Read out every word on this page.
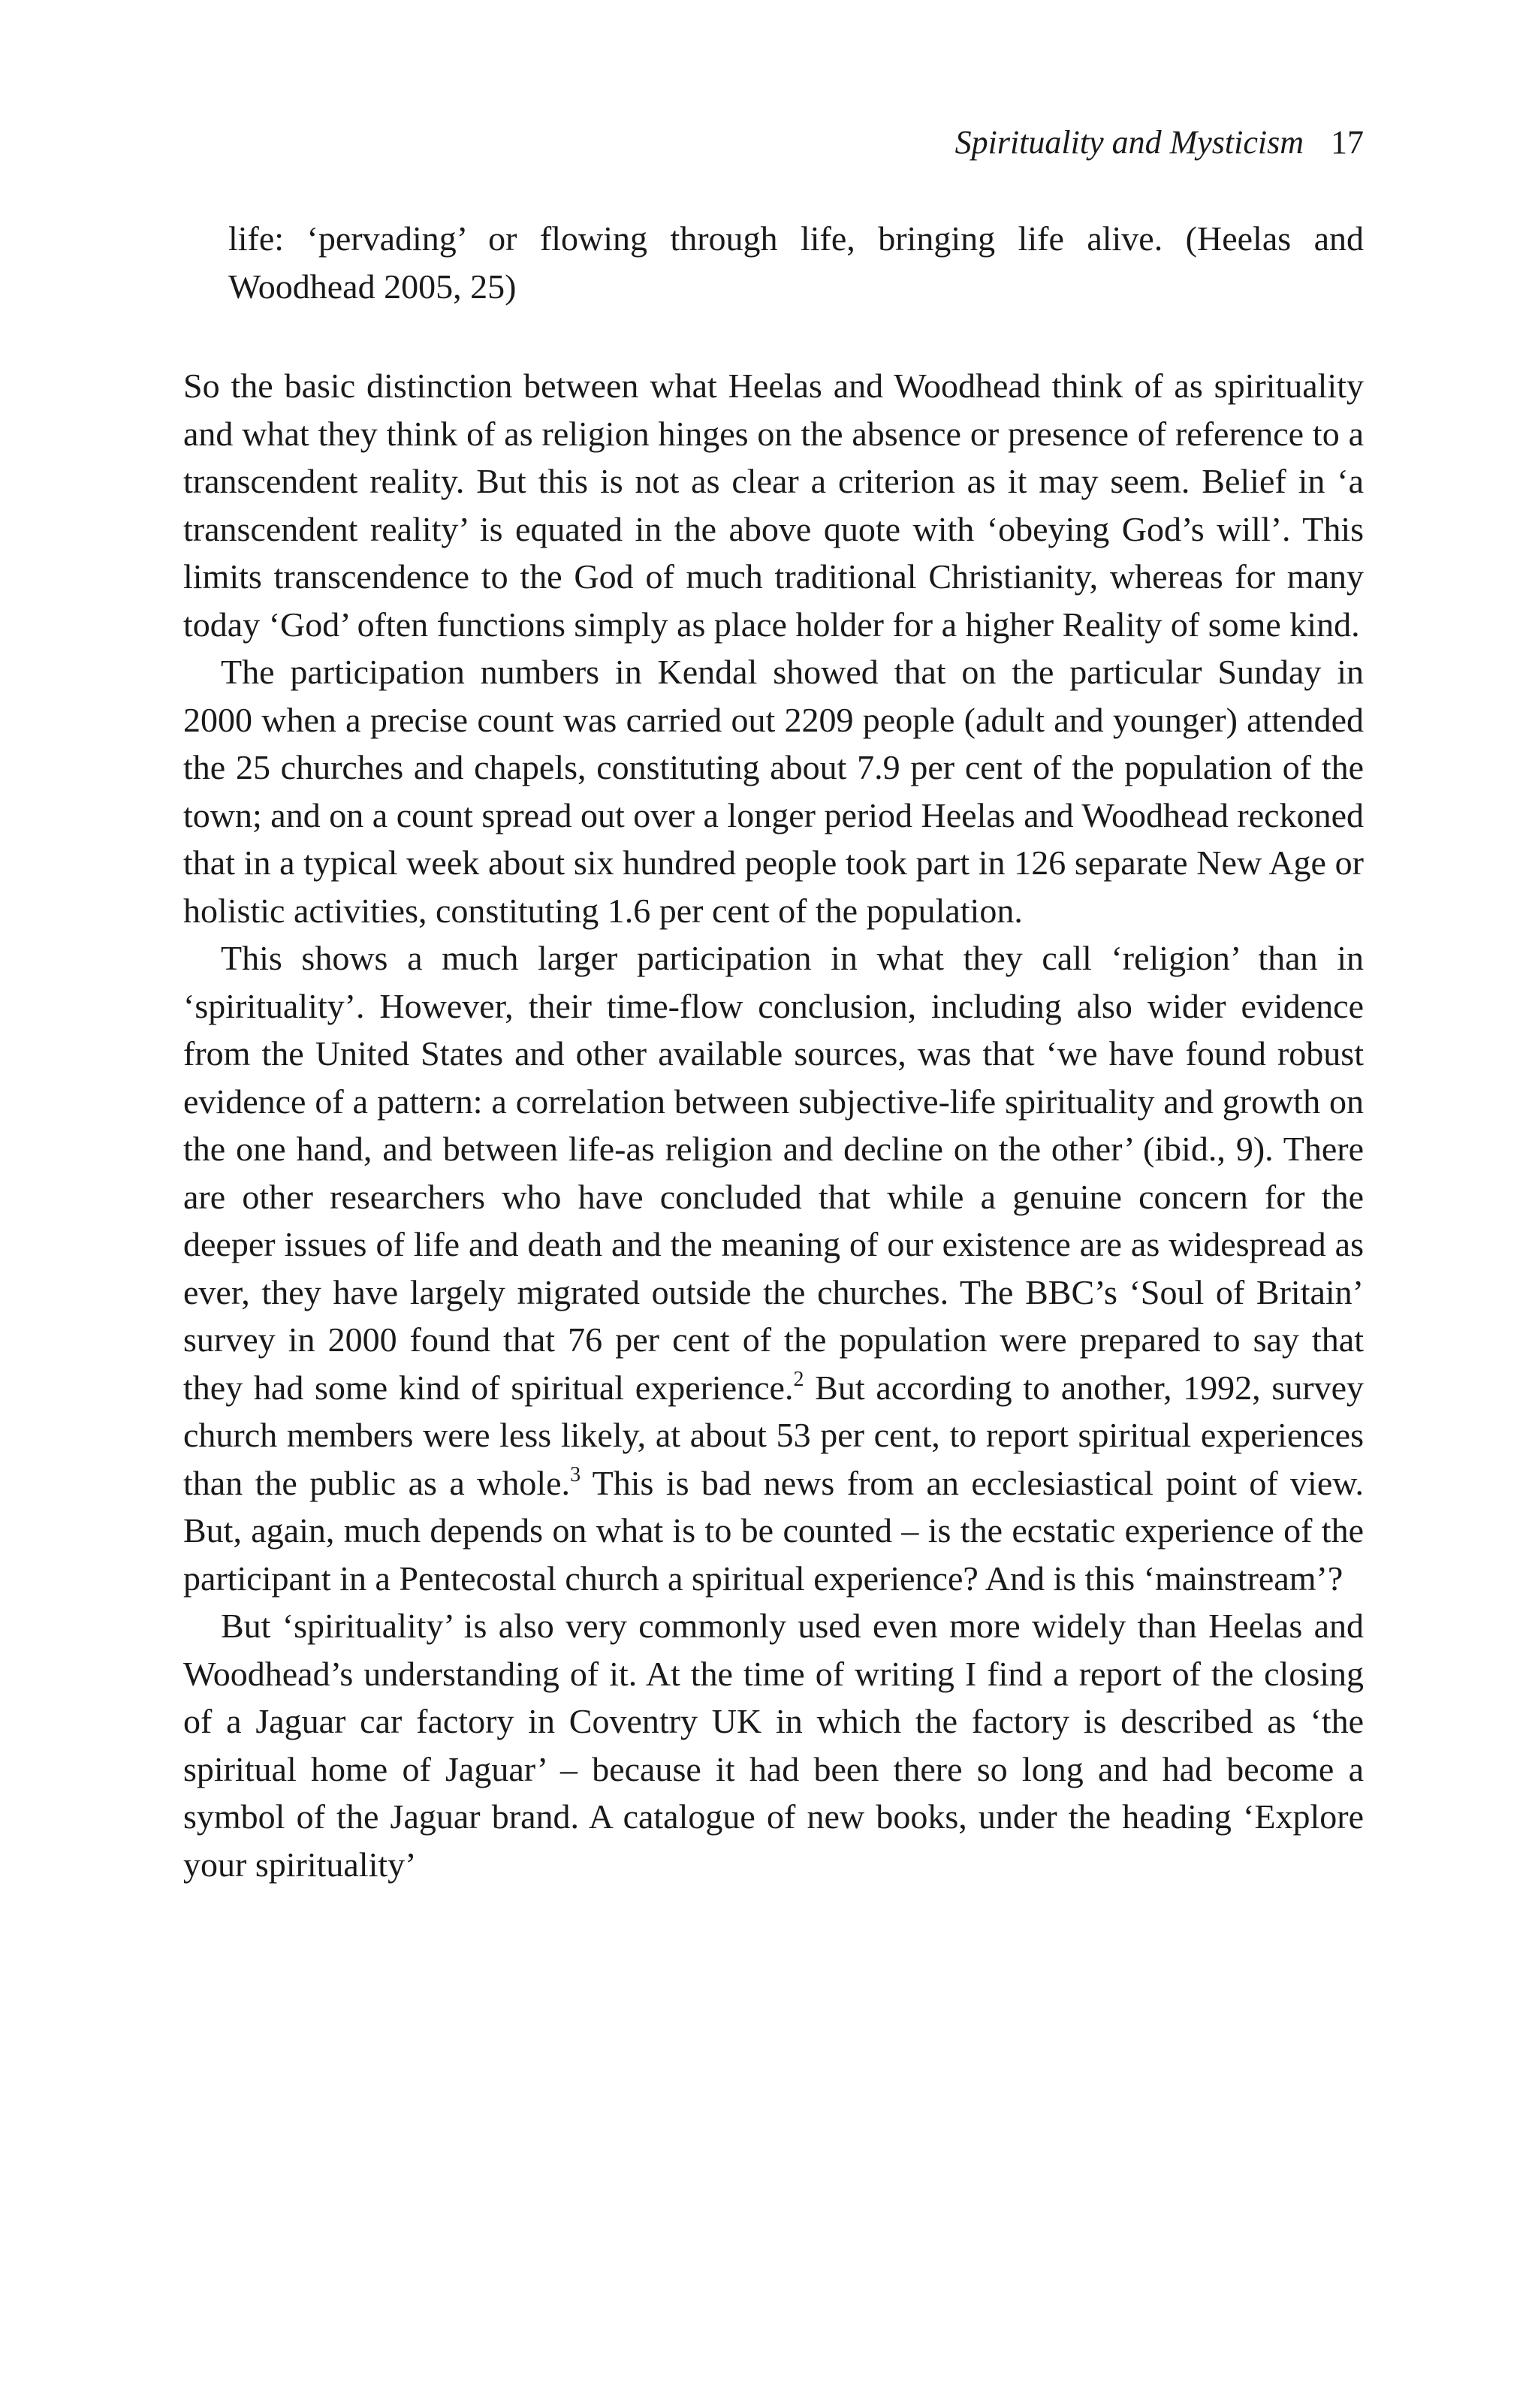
Spirituality and Mysticism 17

life: ‘pervading’ or flowing through life, bringing life alive. (Heelas and Woodhead 2005, 25)

So the basic distinction between what Heelas and Woodhead think of as spirituality and what they think of as religion hinges on the absence or presence of reference to a transcendent reality. But this is not as clear a criterion as it may seem. Belief in ‘a transcendent reality’ is equated in the above quote with ‘obeying God’s will’. This limits transcendence to the God of much traditional Christianity, whereas for many today ‘God’ often functions simply as place holder for a higher Reality of some kind.

The participation numbers in Kendal showed that on the particular Sunday in 2000 when a precise count was carried out 2209 people (adult and younger) attended the 25 churches and chapels, constituting about 7.9 per cent of the population of the town; and on a count spread out over a longer period Heelas and Woodhead reckoned that in a typical week about six hundred people took part in 126 separate New Age or holistic activities, constituting 1.6 per cent of the population.

This shows a much larger participation in what they call ‘religion’ than in ‘spirituality’. However, their time-flow conclusion, including also wider evidence from the United States and other available sources, was that ‘we have found robust evidence of a pattern: a correlation between subjective-life spirituality and growth on the one hand, and between life-as religion and decline on the other’ (ibid., 9). There are other researchers who have concluded that while a genuine concern for the deeper issues of life and death and the meaning of our existence are as widespread as ever, they have largely migrated outside the churches. The BBC’s ‘Soul of Britain’ survey in 2000 found that 76 per cent of the population were prepared to say that they had some kind of spiritual experience.$^2$ But according to another, 1992, survey church members were less likely, at about 53 per cent, to report spiritual experiences than the public as a whole.$^3$ This is bad news from an ecclesiastical point of view. But, again, much depends on what is to be counted – is the ecstatic experience of the participant in a Pentecostal church a spiritual experience? And is this ‘mainstream’?

But ‘spirituality’ is also very commonly used even more widely than Heelas and Woodhead’s understanding of it. At the time of writing I find a report of the closing of a Jaguar car factory in Coventry UK in which the factory is described as ‘the spiritual home of Jaguar’ – because it had been there so long and had become a symbol of the Jaguar brand. A catalogue of new books, under the heading ‘Explore your spirituality’
